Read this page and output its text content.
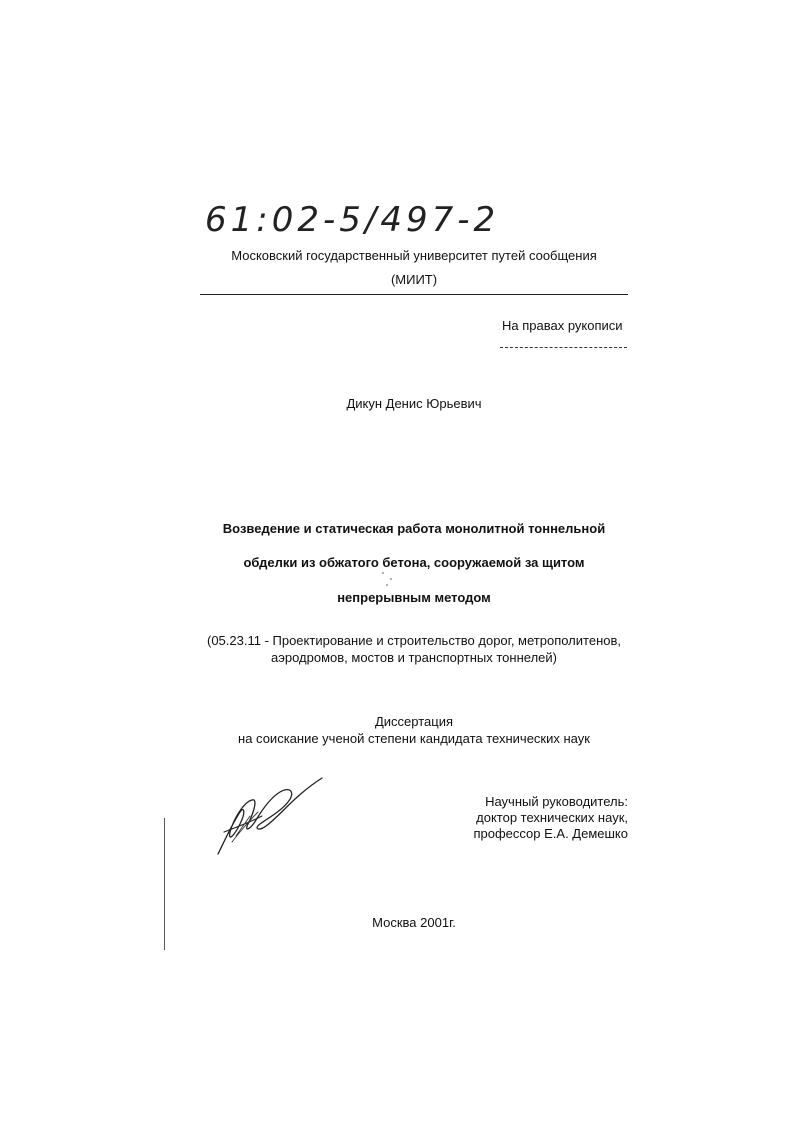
61:02-5/497-2
Московский государственный университет путей сообщения
(МИИТ)
На правах рукописи
Дикун Денис Юрьевич
Возведение и статическая работа монолитной тоннельной
обделки из обжатого бетона, сооружаемой за щитом
непрерывным методом
(05.23.11 - Проектирование и строительство дорог, метрополитенов,
аэродромов, мостов и транспортных тоннелей)
Диссертация
на соискание ученой степени кандидата технических наук
Научный руководитель:
доктор технических наук,
профессор Е.А. Демешко
Москва 2001г.
